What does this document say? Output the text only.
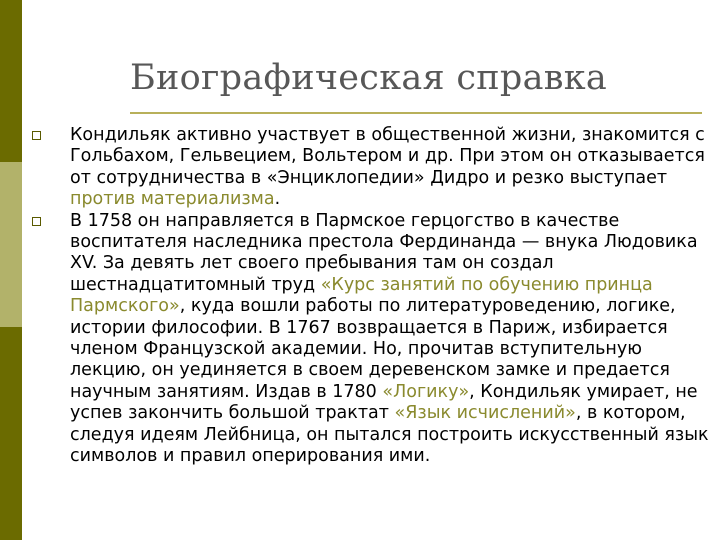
Биографическая справка
Кондильяк активно участвует в общественной жизни, знакомится с Гольбахом, Гельвецием, Вольтером и др. При этом он отказывается от сотрудничества в «Энциклопедии» Дидро и резко выступает против материализма.
В 1758 он направляется в Пармское герцогство в качестве воспитателя наследника престола Фердинанда — внука Людовика XV. За девять лет своего пребывания там он создал шестнадцатитомный труд «Курс занятий по обучению принца Пармского», куда вошли работы по литературоведению, логике, истории философии. В 1767 возвращается в Париж, избирается членом Французской академии. Но, прочитав вступительную лекцию, он уединяется в своем деревенском замке и предается научным занятиям. Издав в 1780 «Логику», Кондильяк умирает, не успев закончить большой трактат «Язык исчислений», в котором, следуя идеям Лейбница, он пытался построить искусственный язык символов и правил оперирования ими.
